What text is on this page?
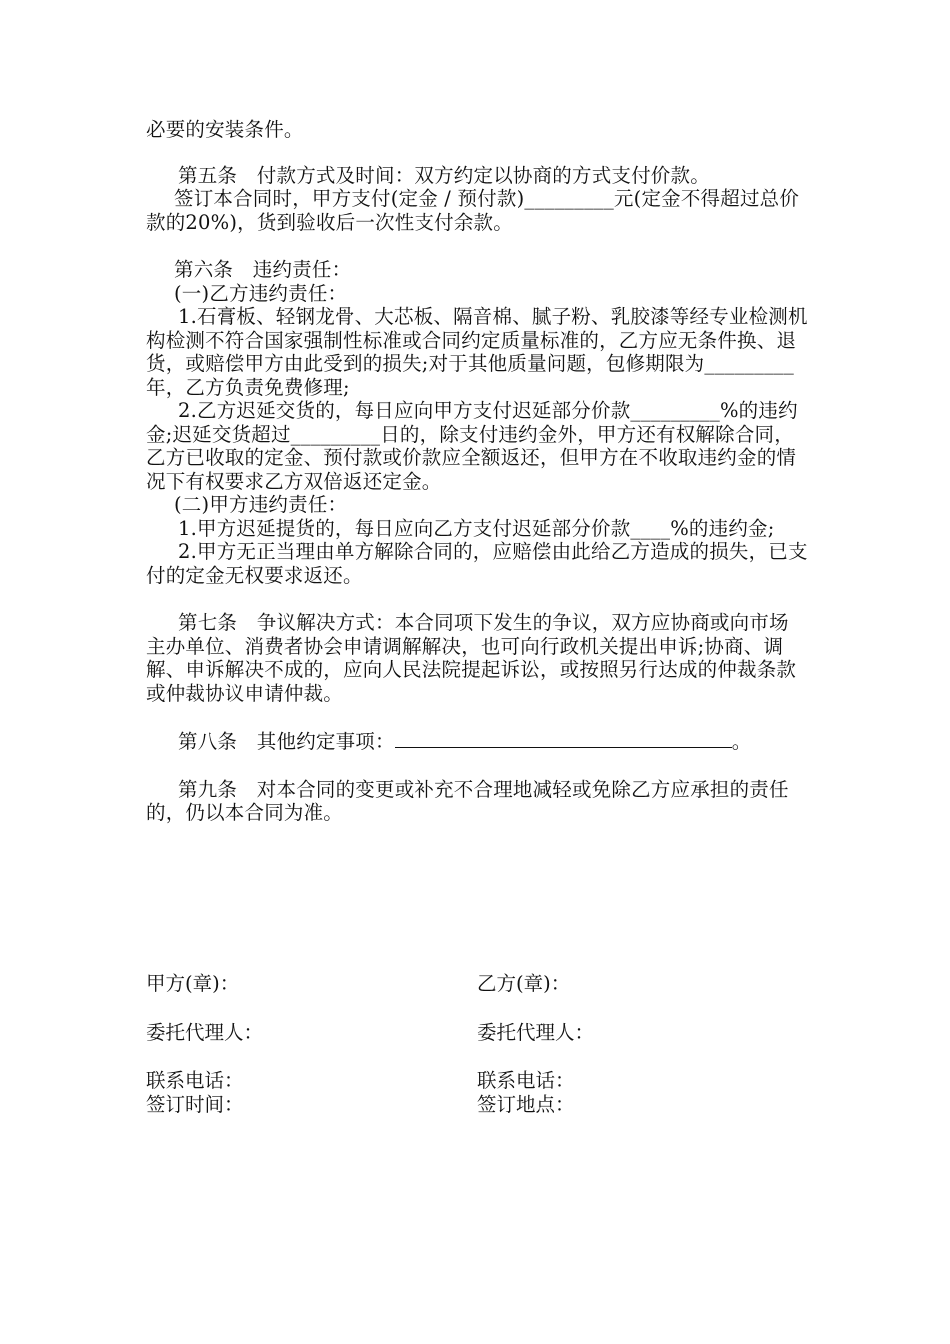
必要的安装条件。

第五条　付款方式及时间：双方约定以协商的方式支付价款。

签订本合同时，甲方支付(定金 / 预付款)_________元(定金不得超过总价款的20%)，货到验收后一次性支付余款。

第六条　违约责任：

(一)乙方违约责任：

1.石膏板、轻钢龙骨、大芯板、隔音棉、腻子粉、乳胶漆等经专业检测机构检测不符合国家强制性标准或合同约定质量标准的，乙方应无条件换、退货，或赔偿甲方由此受到的损失;对于其他质量问题，包修期限为_________年，乙方负责免费修理;

2.乙方迟延交货的，每日应向甲方支付迟延部分价款_________%的违约金;迟延交货超过_________日的，除支付违约金外，甲方还有权解除合同，乙方已收取的定金、预付款或价款应全额返还，但甲方在不收取违约金的情况下有权要求乙方双倍返还定金。

(二)甲方违约责任：

1.甲方迟延提货的，每日应向乙方支付迟延部分价款____%的违约金;

2.甲方无正当理由单方解除合同的，应赔偿由此给乙方造成的损失，已支付的定金无权要求返还。

第七条　争议解决方式：本合同项下发生的争议，双方应协商或向市场主办单位、消费者协会申请调解解决，也可向行政机关提出申诉;协商、调解、申诉解决不成的，应向人民法院提起诉讼，或按照另行达成的仲裁条款或仲裁协议申请仲裁。

第八条　其他约定事项：	。

第九条　对本合同的变更或补充不合理地减轻或免除乙方应承担的责任的，仍以本合同为准。

甲方(章)：	乙方(章)：
委托代理人：	委托代理人：
联系电话：	联系电话：
签订时间：	签订地点：
